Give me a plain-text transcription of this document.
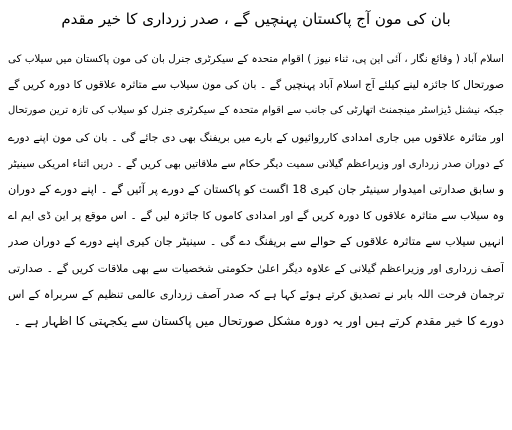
بان کی مون آج پاکستان پہنچیں گے ، صدر زرداری کا خیر مقدم
اسلام آباد ( وقائع نگار ، آئی این پی، ثناء نیوز ) اقوام متحدہ کے سیکرٹری جنرل بان کی مون پاکستان میں سیلاب کی
صورتحال کا جائزہ لینے کیلئے آج اسلام آباد پہنچیں گے ۔ بان کی مون سیلاب سے متاثرہ علاقوں کا دورہ کریں گے
جبکہ نیشنل ڈیزاسٹر مینجمنٹ اتھارٹی کی جانب سے اقوام متحدہ کے سیکرٹری جنرل کو سیلاب کی تازہ ترین صورتحال
اور متاثرہ علاقوں میں جاری امدادی کارروائیوں کے بارے میں بریفنگ بھی دی جائے گی ۔ بان کی مون اپنے دورے
کے دوران صدر زرداری اور وزیراعظم گیلانی سمیت دیگر حکام سے ملاقاتیں بھی کریں گے ۔ دریں اثناء امریکی سینیٹر
و سابق صدارتی امیدوار سینیٹر جان کیری 18 اگست کو پاکستان کے دورے پر آئیں گے ۔ اپنے دورے کے دوران
وہ سیلاب سے متاثرہ علاقوں کا دورہ کریں گے اور امدادی کاموں کا جائزہ لیں گے ۔ اس موقع پر این ڈی ایم اے
انہیں سیلاب سے متاثرہ علاقوں کے حوالے سے بریفنگ دے گی ۔ سینیٹر جان کیری اپنے دورے کے دوران صدر
آصف زرداری اور وزیراعظم گیلانی کے علاوہ دیگر اعلیٰ حکومتی شخصیات سے بھی ملاقات کریں گے ۔ صدارتی
ترجمان فرحت اللہ بابر نے تصدیق کرتے ہوئے کہا ہے کہ صدر آصف زرداری عالمی تنظیم کے سربراہ کے اس
دورے کا خیر مقدم کرتے ہیں اور یہ دورہ مشکل صورتحال میں پاکستان سے یکجہتی کا اظہار ہے ۔
